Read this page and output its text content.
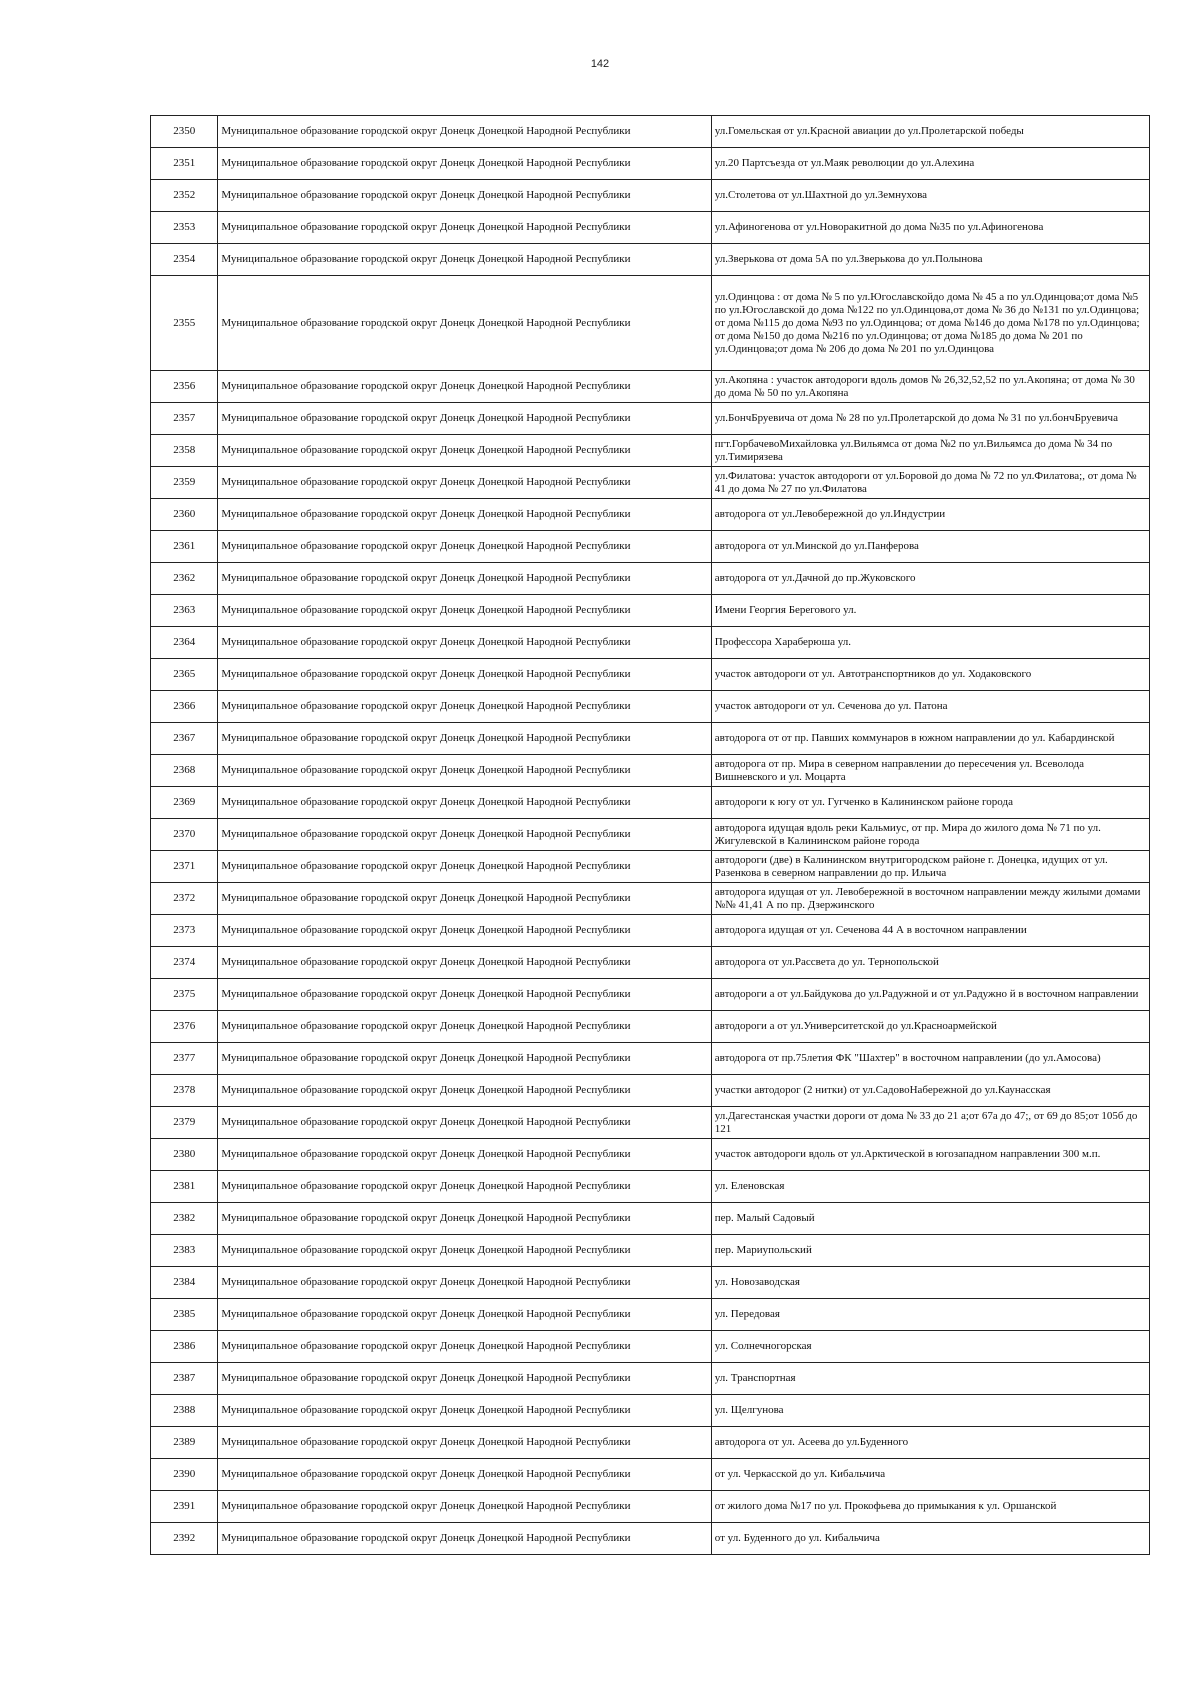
142
2350	Муниципальное образование городской округ Донецк Донецкой Народной Республики	ул.Гомельская от ул.Красной авиации до ул.Пролетарской победы
2351	Муниципальное образование городской округ Донецк Донецкой Народной Республики	ул.20 Партсъезда от ул.Маяк революции до ул.Алехина
2352	Муниципальное образование городской округ Донецк Донецкой Народной Республики	ул.Столетова от ул.Шахтной до ул.Земнухова
2353	Муниципальное образование городской округ Донецк Донецкой Народной Республики	ул.Афиногенова от ул.Новоракитной до дома №35 по ул.Афиногенова
2354	Муниципальное образование городской округ Донецк Донецкой Народной Республики	ул.Зверькова от дома 5А по ул.Зверькова до ул.Полынова
2355	Муниципальное образование городской округ Донецк Донецкой Народной Республики	ул.Одинцова : от дома № 5 по ул.Югославскойдо дома № 45 а по ул.Одинцова;от дома №5 по ул.Югославской до дома №122 по ул.Одинцова,от дома № 36 до №131 по ул.Одинцова; от дома №115 до дома №93 по ул.Одинцова; от дома №146 до дома №178 по ул.Одинцова; от дома №150 до дома №216 по ул.Одинцова; от дома №185 до дома № 201 по ул.Одинцова;от дома № 206 до дома № 201 по ул.Одинцова
2356	Муниципальное образование городской округ Донецк Донецкой Народной Республики	ул.Акопяна : участок автодороги вдоль домов № 26,32,52,52 по ул.Акопяна; от дома № 30 до дома № 50 по ул.Акопяна
2357	Муниципальное образование городской округ Донецк Донецкой Народной Республики	ул.БончБруевича от дома № 28 по ул.Пролетарской до дома № 31 по ул.бончБруевича
2358	Муниципальное образование городской округ Донецк Донецкой Народной Республики	пгт.ГорбачевоМихайловка ул.Вильямса от дома №2 по ул.Вильямса до дома № 34 по ул.Тимирязева
2359	Муниципальное образование городской округ Донецк Донецкой Народной Республики	ул.Филатова: участок автодороги от ул.Боровой до дома № 72 по ул.Филатова;, от дома № 41 до дома № 27 по ул.Филатова
2360	Муниципальное образование городской округ Донецк Донецкой Народной Республики	автодорога от ул.Левобережной до ул.Индустрии
2361	Муниципальное образование городской округ Донецк Донецкой Народной Республики	автодорога от ул.Минской до ул.Панферова
2362	Муниципальное образование городской округ Донецк Донецкой Народной Республики	автодорога от ул.Дачной до пр.Жуковского
2363	Муниципальное образование городской округ Донецк Донецкой Народной Республики	Имени Георгия Берегового ул.
2364	Муниципальное образование городской округ Донецк Донецкой Народной Республики	Профессора Хараберюша ул.
2365	Муниципальное образование городской округ Донецк Донецкой Народной Республики	участок автодороги от ул. Автотранспортников до ул. Ходаковского
2366	Муниципальное образование городской округ Донецк Донецкой Народной Республики	участок автодороги от ул. Сеченова до ул. Патона
2367	Муниципальное образование городской округ Донецк Донецкой Народной Республики	автодорога от от пр. Павших коммунаров в южном направлении до ул. Кабардинской
2368	Муниципальное образование городской округ Донецк Донецкой Народной Республики	автодорога от пр. Мира в северном направлении до пересечения ул. Всеволода Вишневского и ул. Моцарта
2369	Муниципальное образование городской округ Донецк Донецкой Народной Республики	автодороги к югу от ул. Гугченко в Калининском районе города
2370	Муниципальное образование городской округ Донецк Донецкой Народной Республики	автодорога идущая вдоль реки Кальмиус, от пр. Мира до жилого дома № 71 по ул. Жигулевской в Калининском районе города
2371	Муниципальное образование городской округ Донецк Донецкой Народной Республики	автодороги (две) в Калининском внутригородском районе г. Донецка, идущих от ул. Разенкова в северном направлении до пр. Ильича
2372	Муниципальное образование городской округ Донецк Донецкой Народной Республики	автодорога идущая от ул. Левобережной в восточном направлении между жилыми домами №№ 41,41 А по пр. Дзержинского
2373	Муниципальное образование городской округ Донецк Донецкой Народной Республики	автодорога идущая от ул. Сеченова 44 А в восточном направлении
2374	Муниципальное образование городской округ Донецк Донецкой Народной Республики	автодорога от ул.Рассвета до ул. Тернопольской
2375	Муниципальное образование городской округ Донецк Донецкой Народной Республики	автодороги а от ул.Байдукова до ул.Радужной и от ул.Радужно й в восточном направлении
2376	Муниципальное образование городской округ Донецк Донецкой Народной Республики	автодороги а от ул.Университетской до ул.Красноармейской
2377	Муниципальное образование городской округ Донецк Донецкой Народной Республики	автодорога от пр.75летия ФК "Шахтер" в восточном направлении (до ул.Амосова)
2378	Муниципальное образование городской округ Донецк Донецкой Народной Республики	участки автодорог (2 нитки) от ул.СадовоНабережной до ул.Каунасская
2379	Муниципальное образование городской округ Донецк Донецкой Народной Республики	ул.Дагестанская участки дороги от дома № 33 до 21 а;от 67а до 47;, от 69 до 85;от 105б до 121
2380	Муниципальное образование городской округ Донецк Донецкой Народной Республики	участок автодороги вдоль от ул.Арктической в югозападном направлении 300 м.п.
2381	Муниципальное образование городской округ Донецк Донецкой Народной Республики	ул. Еленовская
2382	Муниципальное образование городской округ Донецк Донецкой Народной Республики	пер. Малый Садовый
2383	Муниципальное образование городской округ Донецк Донецкой Народной Республики	пер. Мариупольский
2384	Муниципальное образование городской округ Донецк Донецкой Народной Республики	ул. Новозаводская
2385	Муниципальное образование городской округ Донецк Донецкой Народной Республики	ул. Передовая
2386	Муниципальное образование городской округ Донецк Донецкой Народной Республики	ул. Солнечногорская
2387	Муниципальное образование городской округ Донецк Донецкой Народной Республики	ул. Транспортная
2388	Муниципальное образование городской округ Донецк Донецкой Народной Республики	ул. Щелгунова
2389	Муниципальное образование городской округ Донецк Донецкой Народной Республики	автодорога от ул. Асеева до ул.Буденного
2390	Муниципальное образование городской округ Донецк Донецкой Народной Республики	от ул. Черкасской до ул. Кибальчича
2391	Муниципальное образование городской округ Донецк Донецкой Народной Республики	от жилого дома №17 по ул. Прокофьева до примыкания к ул. Оршанской
2392	Муниципальное образование городской округ Донецк Донецкой Народной Республики	от ул. Буденного до ул. Кибальчича
